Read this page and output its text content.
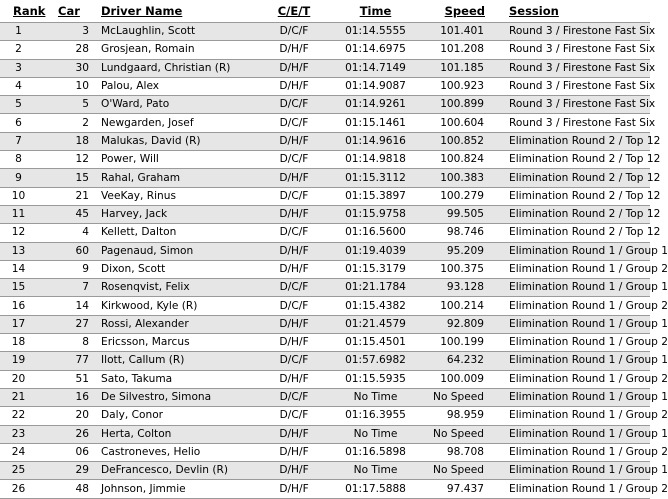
Rank	Car	Driver Name	C/E/T	Time	Speed	Session
1	3	McLaughlin, Scott	D/C/F	01:14.5555	101.401	Round 3 / Firestone Fast Six
2	28	Grosjean, Romain	D/H/F	01:14.6975	101.208	Round 3 / Firestone Fast Six
3	30	Lundgaard, Christian (R)	D/H/F	01:14.7149	101.185	Round 3 / Firestone Fast Six
4	10	Palou, Alex	D/H/F	01:14.9087	100.923	Round 3 / Firestone Fast Six
5	5	O'Ward, Pato	D/C/F	01:14.9261	100.899	Round 3 / Firestone Fast Six
6	2	Newgarden, Josef	D/C/F	01:15.1461	100.604	Round 3 / Firestone Fast Six
7	18	Malukas, David (R)	D/H/F	01:14.9616	100.852	Elimination Round 2 / Top 12
8	12	Power, Will	D/C/F	01:14.9818	100.824	Elimination Round 2 / Top 12
9	15	Rahal, Graham	D/H/F	01:15.3112	100.383	Elimination Round 2 / Top 12
10	21	VeeKay, Rinus	D/C/F	01:15.3897	100.279	Elimination Round 2 / Top 12
11	45	Harvey, Jack	D/H/F	01:15.9758	99.505	Elimination Round 2 / Top 12
12	4	Kellett, Dalton	D/C/F	01:16.5600	98.746	Elimination Round 2 / Top 12
13	60	Pagenaud, Simon	D/H/F	01:19.4039	95.209	Elimination Round 1 / Group 1
14	9	Dixon, Scott	D/H/F	01:15.3179	100.375	Elimination Round 1 / Group 2
15	7	Rosenqvist, Felix	D/C/F	01:21.1784	93.128	Elimination Round 1 / Group 1
16	14	Kirkwood, Kyle (R)	D/C/F	01:15.4382	100.214	Elimination Round 1 / Group 2
17	27	Rossi, Alexander	D/H/F	01:21.4579	92.809	Elimination Round 1 / Group 1
18	8	Ericsson, Marcus	D/H/F	01:15.4501	100.199	Elimination Round 1 / Group 2
19	77	Ilott, Callum (R)	D/C/F	01:57.6982	64.232	Elimination Round 1 / Group 1
20	51	Sato, Takuma	D/H/F	01:15.5935	100.009	Elimination Round 1 / Group 2
21	16	De Silvestro, Simona	D/C/F	No Time	No Speed	Elimination Round 1 / Group 1
22	20	Daly, Conor	D/C/F	01:16.3955	98.959	Elimination Round 1 / Group 2
23	26	Herta, Colton	D/H/F	No Time	No Speed	Elimination Round 1 / Group 1
24	06	Castroneves, Helio	D/H/F	01:16.5898	98.708	Elimination Round 1 / Group 2
25	29	DeFrancesco, Devlin (R)	D/H/F	No Time	No Speed	Elimination Round 1 / Group 1
26	48	Johnson, Jimmie	D/H/F	01:17.5888	97.437	Elimination Round 1 / Group 2
